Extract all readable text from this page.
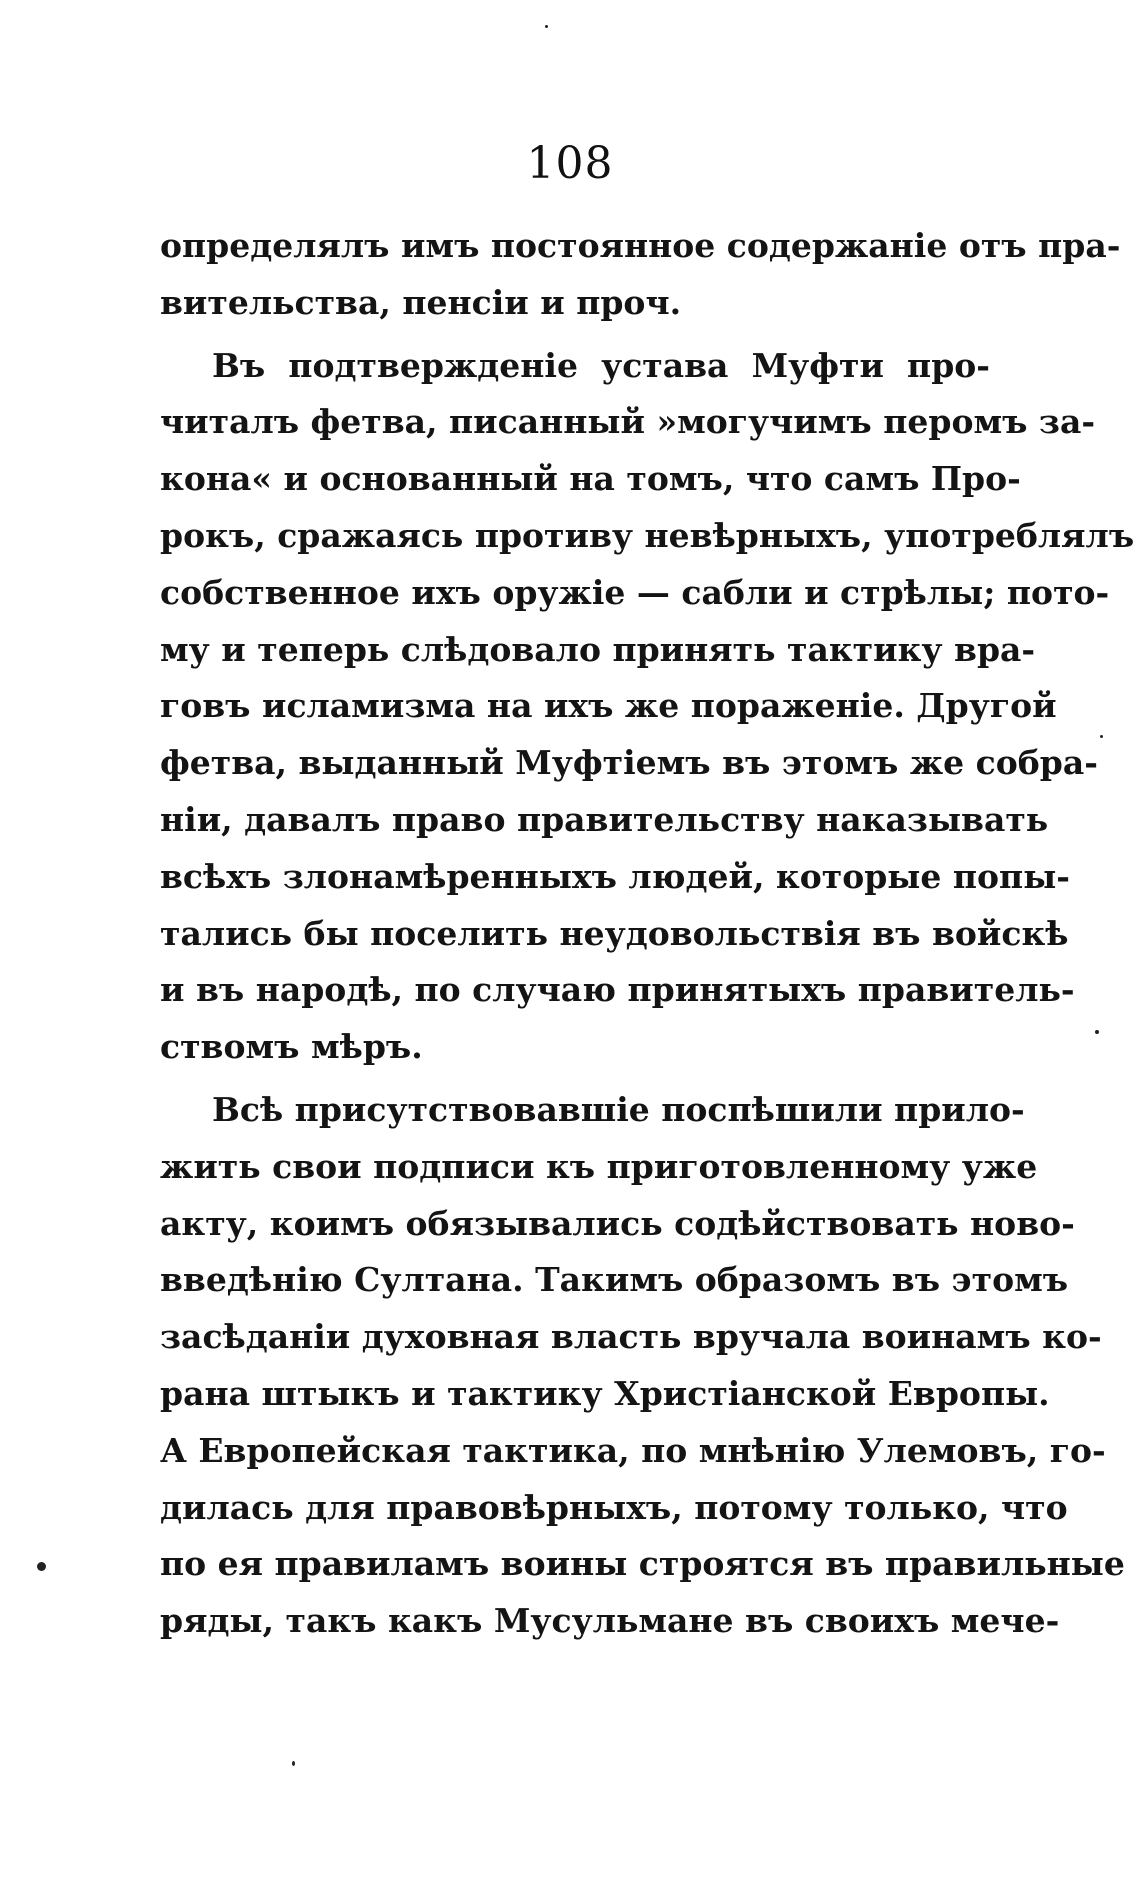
108
определялъ имъ постоянное содержанie отъ пра-
вительства, пенсiи и проч.
Въ подтвержденie устава Муфти про-
читалъ фетва, писанный »могучимъ перомъ за-
кона« и основанный на томъ, что самъ Про-
рокъ, сражаясь противу невѣрныхъ, употреблялъ
собственное ихъ оружie — сабли и стрѣлы; пото-
му и теперь слѣдовало принять тактику вра-
говъ исламизма на ихъ же пораженie. Другой
фетва, выданный Муфтiемъ въ этомъ же собра-
нiи, давалъ право правительству наказывать
всѣхъ злонамѣренныхъ людей, которые попы-
тались бы поселить неудовольствiя въ войскѣ
и въ народѣ, по случаю принятыхъ правитель-
ствомъ мѣръ.
Всѣ присутствовавшie поспѣшили прило-
жить свои подписи къ приготовленному уже
акту, коимъ обязывались содѣйствовать ново-
введѣнiю Султана. Такимъ образомъ въ этомъ
засѣданiи духовная власть вручала воинамъ ко-
рана штыкъ и тактику Христiанской Европы.
А Европейская тактика, по мнѣнiю Улемовъ, го-
дилась для правовѣрныхъ, потому только, что
по ея правиламъ воины строятся въ правильные
ряды, такъ какъ Мусульмане въ своихъ мече-
